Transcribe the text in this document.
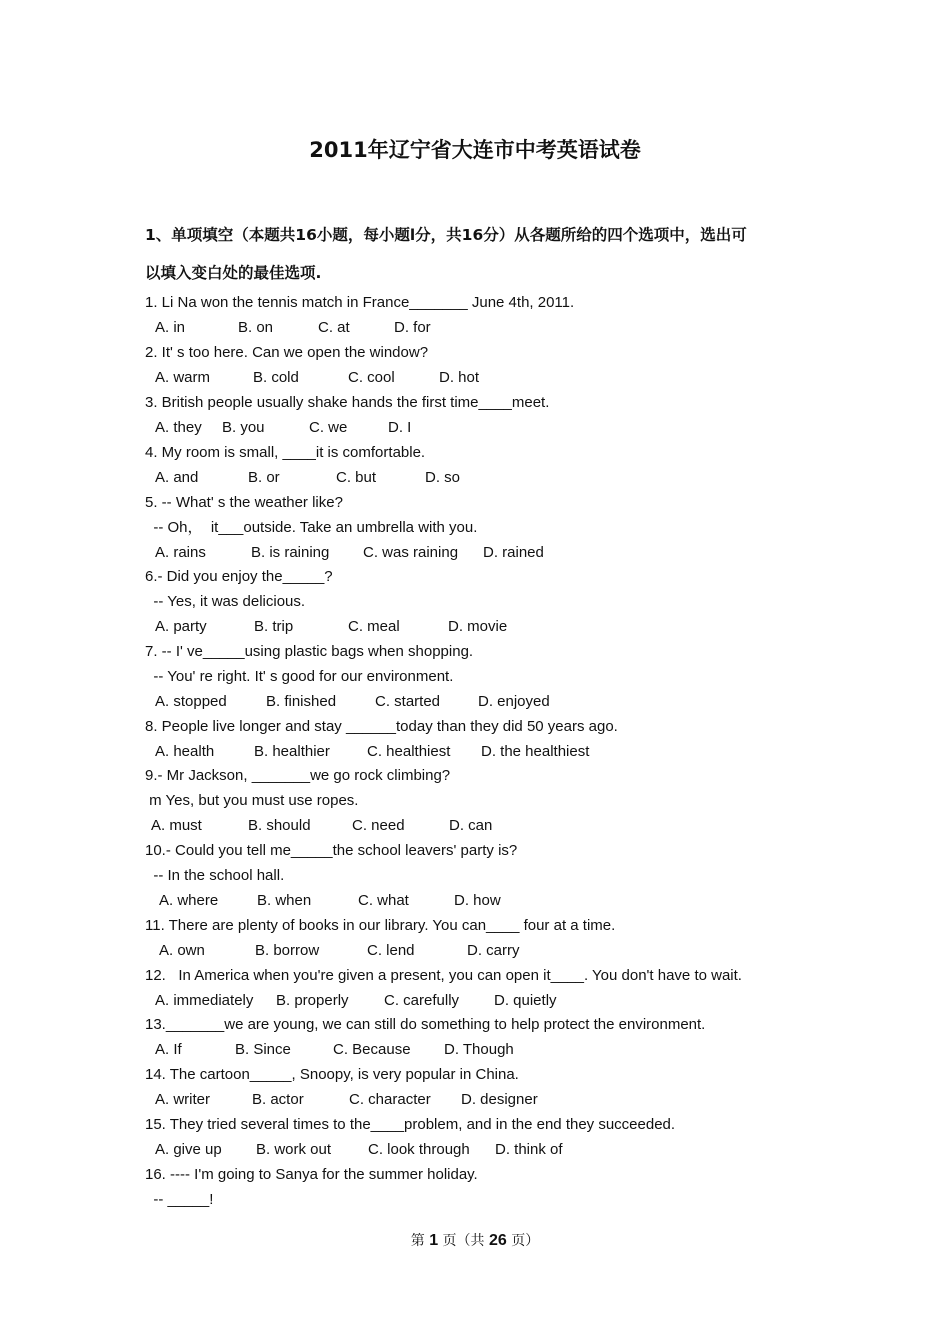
2011年辽宁省大连市中考英语试卷
1、单项填空（本题共16小题，每小题l分，共16分）从各题所给的四个选项中，选出可
以填入变白处的最佳选项.
1. Li Na won the tennis match in France_______ June 4th, 2011.
A. in	B. on	C. at	D. for
2. It' s too here. Can we open the window?
A. warm	B. cold	C. cool	D. hot
3. British people usually shake hands the first time____meet.
A. they B. you	C. we	D. I
4. My room is small, ____it is comfortable.
A. and	B. or	C. but	D. so
5. -- What' s the weather like?
-- Oh，  it___outside. Take an umbrella with you.
A. rains	B. is raining C. was raining D. rained
6.- Did you enjoy the_____?
-- Yes, it was delicious.
A. party	B. trip	C. meal	D. movie
7. -- I' ve_____using plastic bags when shopping.
-- You' re right. It' s good for our environment.
A. stopped	B. finished	C. started	D. enjoyed
8. People live longer and stay ______today than they did 50 years ago.
A. health	B. healthier C. healthiest D. the healthiest
9.- Mr Jackson, _______we go rock climbing?
m Yes, but you must use ropes.
A. must	B. should	C. need	D. can
10.- Could you tell me_____the school leavers' party is?
-- In the school hall.
A. where	B. when	C. what	D. how
11. There are plenty of books in our library. You can____ four at a time.
A. own	B. borrow	C. lend	D. carry
12.   In America when you're given a present, you can open it____. You don't have to wait.
A. immediately B. properly C. carefully D. quietly
13._______we are young, we can still do something to help protect the environment.
A. If	B. Since	C. Because D. Though
14. The cartoon_____, Snoopy, is very popular in China.
A. writer	B. actor	C. character D. designer
15. They tried several times to the____problem, and in the end they succeeded.
A. give up B. work out C. look through D. think of
16. ---- I'm going to Sanya for the summer holiday.
-- _____!
第 1 页（共 26 页）
